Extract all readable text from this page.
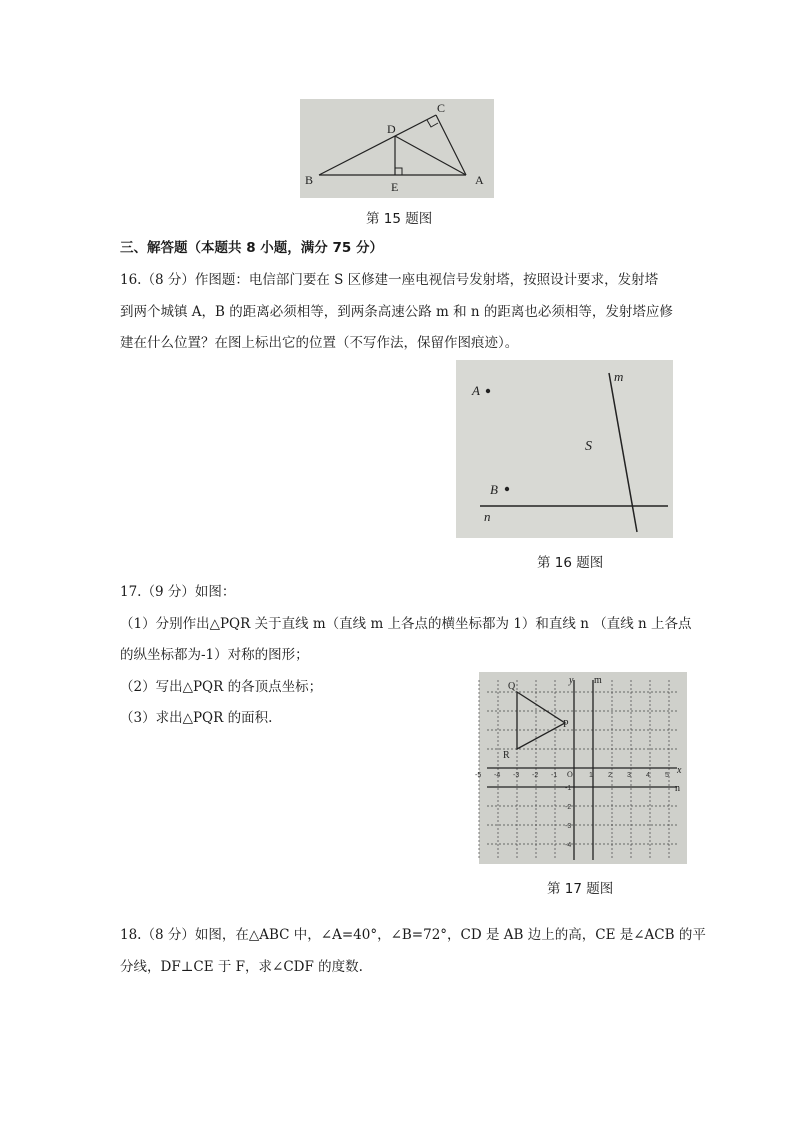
C
D
B	E	A
第 15 题图
三、解答题（本题共 8 小题，满分 75 分）
16.（8 分）作图题：电信部门要在 S 区修建一座电视信号发射塔，按照设计要求，发射塔
到两个城镇 A，B 的距离必须相等，到两条高速公路 m 和 n 的距离也必须相等，发射塔应修
建在什么位置？在图上标出它的位置（不写作法，保留作图痕迹）。
A
B
S
m
n
第 16 题图
17.（9 分）如图：
（1）分别作出△PQR 关于直线 m（直线 m 上各点的横坐标都为 1）和直线 n （直线 n 上各点
的纵坐标都为-1）对称的图形；
（2）写出△PQR 的各顶点坐标；
（3）求出△PQR 的面积.
Q
P
R
y m
x
n
O
-5 -4 -3 -2 -1	1 2 3 4 5
-1
-2
-3
-4
第 17 题图
18.（8 分）如图，在△ABC 中，∠A=40°，∠B=72°，CD 是 AB 边上的高，CE 是∠ACB 的平
分线，DF⊥CE 于 F，求∠CDF 的度数.
